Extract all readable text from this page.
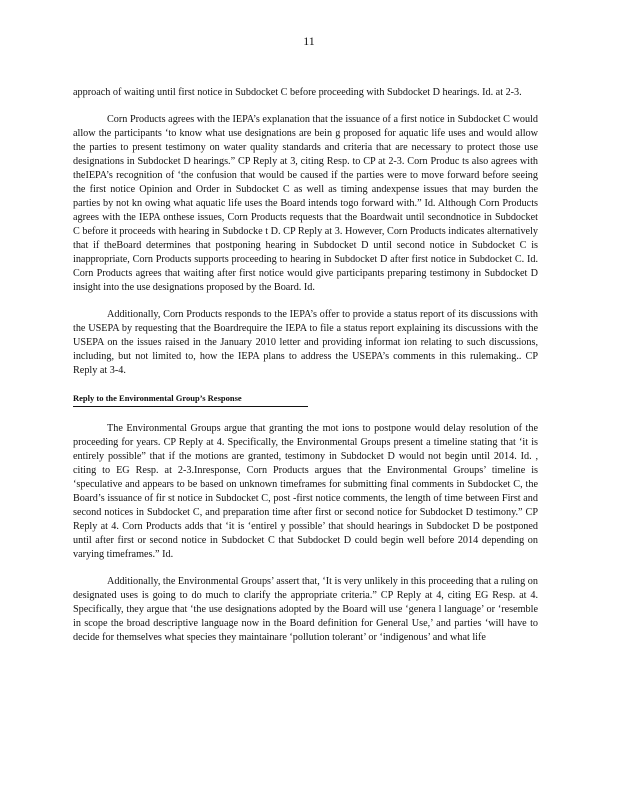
11

approach of waiting until first notice in Subdocket C before proceeding with Subdocket D hearings. Id. at 2-3.

Corn Products agrees with the IEPA’s explanation that the issuance of a first notice in Subdocket C would allow the participants ‘to know what use designations are bein g proposed for aquatic life uses and would allow the parties to present testimony on water quality standards and criteria that are necessary to protect those use designations in Subdocket D hearings.” CP Reply at 3, citing Resp. to CP at 2-3. Corn Produc ts also agrees with theIEPA’s recognition of ‘the confusion that would be caused if the parties were to move forward before seeing the first notice Opinion and Order in Subdocket C as well as timing andexpense issues that may burden the parties by not kn owing what aquatic life uses the Board intends togo forward with.” Id. Although Corn Products agrees with the IEPA onthese issues, Corn Products requests that the Boardwait until secondnotice in Subdocket C before it proceeds with hearing in Subdocke t D. CP Reply at 3. However, Corn Products indicates alternatively that if theBoard determines that postponing hearing in Subdocket D until second notice in Subdocket C is inappropriate, Corn Products supports proceeding to hearing in Subdocket D after first notice in Subdocket C. Id. Corn Products agrees that waiting after first notice would give participants preparing testimony in Subdocket D insight into the use designations proposed by the Board. Id.

Additionally, Corn Products responds to the IEPA’s offer to provide a status report of its discussions with the USEPA by requesting that the Boardrequire the IEPA to file a status report explaining its discussions with the USEPA on the issues raised in the January 2010 letter and providing informat ion relating to such discussions, including, but not limited to, how the IEPA plans to address the USEPA’s comments in this rulemaking.. CP Reply at 3-4.

Reply to the Environmental Group’s Response

The Environmental Groups argue that granting the mot ions to postpone would delay resolution of the proceeding for years. CP Reply at 4. Specifically, the Environmental Groups present a timeline stating that ‘it is entirely possible” that if the motions are granted, testimony in Subdocket D would not begin until 2014. Id. , citing to EG Resp. at 2-3.Inresponse, Corn Products argues that the Environmental Groups’ timeline is ‘speculative and appears to be based on unknown timeframes for submitting final comments in Subdocket C, the Board’s issuance of fir st notice in Subdocket C, post -first notice comments, the length of time between First and second notices in Subdocket C, and preparation time after first or second notice for Subdocket D testimony.” CP Reply at 4. Corn Products adds that ‘it is ‘entirel y possible’ that should hearings in Subdocket D be postponed until after first or second notice in Subdocket C that Subdocket D could begin well before 2014 depending on varying timeframes.” Id.

Additionally, the Environmental Groups’ assert that, ‘It is very unlikely in this proceeding that a ruling on designated uses is going to do much to clarify the appropriate criteria.” CP Reply at 4, citing EG Resp. at 4. Specifically, they argue that ‘the use designations adopted by the Board will use ‘genera l language’ or ‘resemble in scope the broad descriptive language now in the Board definition for General Use,’ and parties ‘will have to decide for themselves what species they maintainare ‘pollution tolerant’ or ‘indigenous’ and what life
